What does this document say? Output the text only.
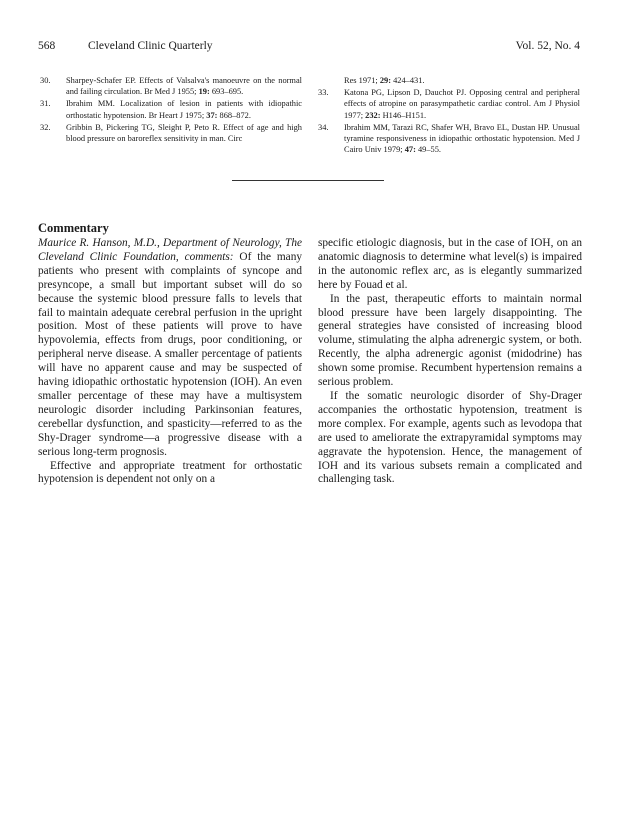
568	Cleveland Clinic Quarterly	Vol. 52, No. 4
30. Sharpey-Schafer EP. Effects of Valsalva's manoeuvre on the normal and failing circulation. Br Med J 1955; 19: 693–695.
31. Ibrahim MM. Localization of lesion in patients with idiopathic orthostatic hypotension. Br Heart J 1975; 37: 868–872.
32. Gribbin B, Pickering TG, Sleight P, Peto R. Effect of age and high blood pressure on baroreflex sensitivity in man. Circ
Res 1971; 29: 424–431.
33. Katona PG, Lipson D, Dauchot PJ. Opposing central and peripheral effects of atropine on parasympathetic cardiac control. Am J Physiol 1977; 232: H146–H151.
34. Ibrahim MM, Tarazi RC, Shafer WH, Bravo EL, Dustan HP. Unusual tyramine responsiveness in idiopathic orthostatic hypotension. Med J Cairo Univ 1979; 47: 49–55.
Commentary

Maurice R. Hanson, M.D., Department of Neurology, The Cleveland Clinic Foundation, comments: Of the many patients who present with complaints of syncope and presyncope, a small but important subset will do so because the systemic blood pressure falls to levels that fail to maintain adequate cerebral perfusion in the upright position. Most of these patients will prove to have hypovolemia, effects from drugs, poor conditioning, or peripheral nerve disease. A smaller percentage of patients will have no apparent cause and may be suspected of having idiopathic orthostatic hypotension (IOH). An even smaller percentage of these may have a multisystem neurologic disorder including Parkinsonian features, cerebellar dysfunction, and spasticity—referred to as the Shy-Drager syndrome—a progressive disease with a serious long-term prognosis.

Effective and appropriate treatment for orthostatic hypotension is dependent not only on a

specific etiologic diagnosis, but in the case of IOH, on an anatomic diagnosis to determine what level(s) is impaired in the autonomic reflex arc, as is elegantly summarized here by Fouad et al.

In the past, therapeutic efforts to maintain normal blood pressure have been largely disappointing. The general strategies have consisted of increasing blood volume, stimulating the alpha adrenergic system, or both. Recently, the alpha adrenergic agonist (midodrine) has shown some promise. Recumbent hypertension remains a serious problem.

If the somatic neurologic disorder of Shy-Drager accompanies the orthostatic hypotension, treatment is more complex. For example, agents such as levodopa that are used to ameliorate the extrapyramidal symptoms may aggravate the hypotension. Hence, the management of IOH and its various subsets remain a complicated and challenging task.
